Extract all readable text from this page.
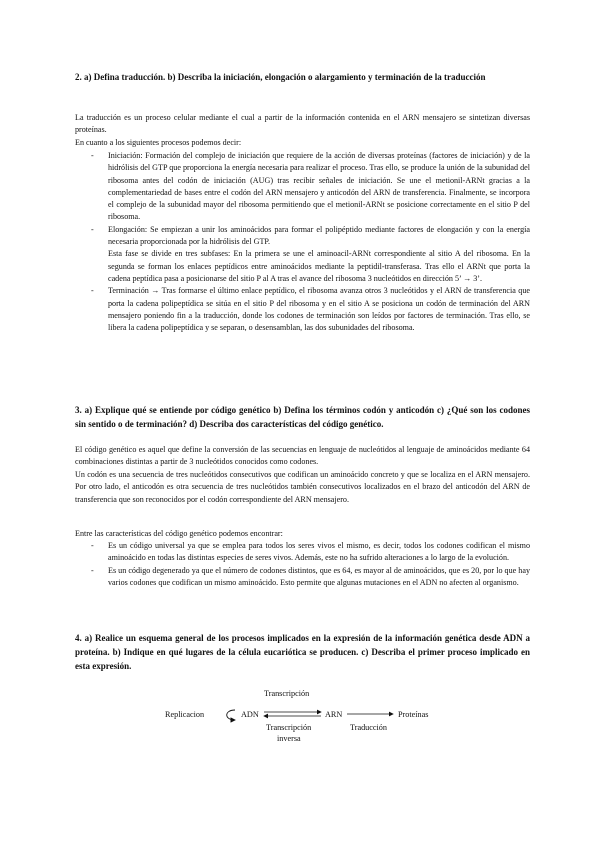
2. a) Defina traducción. b) Describa la iniciación, elongación o alargamiento y terminación de la traducción
La traducción es un proceso celular mediante el cual a partir de la información contenida en el ARN mensajero se sintetizan diversas proteínas.
En cuanto a los siguientes procesos podemos decir:
- Iniciación: Formación del complejo de iniciación que requiere de la acción de diversas proteínas (factores de iniciación) y de la hidrólisis del GTP que proporciona la energía necesaria para realizar el proceso. Tras ello, se produce la unión de la subunidad del ribosoma antes del codón de iniciación (AUG) tras recibir señales de iniciación. Se une el metionil-ARNt gracias a la complementariedad de bases entre el codón del ARN mensajero y anticodón del ARN de transferencia. Finalmente, se incorpora el complejo de la subunidad mayor del ribosoma permitiendo que el metionil-ARNt se posicione correctamente en el sitio P del ribosoma.

- Elongación: Se empiezan a unir los aminoácidos para formar el polipéptido mediante factores de elongación y con la energía necesaria proporcionada por la hidrólisis del GTP.

Esta fase se divide en tres subfases: En la primera se une el aminoacil-ARNt correspondiente al sitio A del ribosoma. En la segunda se forman los enlaces peptídicos entre aminoácidos mediante la peptidil-transferasa. Tras ello el ARNt que porta la cadena peptídica pasa a posicionarse del sitio P al A tras el avance del ribosoma 3 nucleótidos en dirección 5’ → 3’.

- Terminación → Tras formarse el último enlace peptídico, el ribosoma avanza otros 3 nucleótidos y el ARN de transferencia que porta la cadena polipeptídica se sitúa en el sitio P del ribosoma y en el sitio A se posiciona un codón de terminación del ARN mensajero poniendo fin a la traducción, donde los codones de terminación son leídos por factores de terminación. Tras ello, se libera la cadena polipeptídica y se separan, o desensamblan, las dos subunidades del ribosoma.

3. a) Explique qué se entiende por código genético b) Defina los términos codón y anticodón c) ¿Qué son los codones sin sentido o de terminación? d) Describa dos características del código genético.
El código genético es aquel que define la conversión de las secuencias en lenguaje de nucleótidos al lenguaje de aminoácidos mediante 64 combinaciones distintas a partir de 3 nucleótidos conocidos como codones.
Un codón es una secuencia de tres nucleótidos consecutivos que codifican un aminoácido concreto y que se localiza en el ARN mensajero. Por otro lado, el anticodón es otra secuencia de tres nucleótidos también consecutivos localizados en el brazo del anticodón del ARN de transferencia que son reconocidos por el codón correspondiente del ARN mensajero.
Entre las características del código genético podemos encontrar:
- Es un código universal ya que se emplea para todos los seres vivos el mismo, es decir, todos los codones codifican el mismo aminoácido en todas las distintas especies de seres vivos. Además, este no ha sufrido alteraciones a lo largo de la evolución.

- Es un código degenerado ya que el número de codones distintos, que es 64, es mayor al de aminoácidos, que es 20, por lo que hay varios codones que codifican un mismo aminoácido. Esto permite que algunas mutaciones en el ADN no afecten al organismo.

4. a) Realice un esquema general de los procesos implicados en la expresión de la información genética desde ADN a proteína. b) Indique en qué lugares de la célula eucariótica se producen. c) Describa el primer proceso implicado en esta expresión.
Transcripción
Replicacion	ADN	ARN	Proteínas
Transcripción
inversa
Traducción
